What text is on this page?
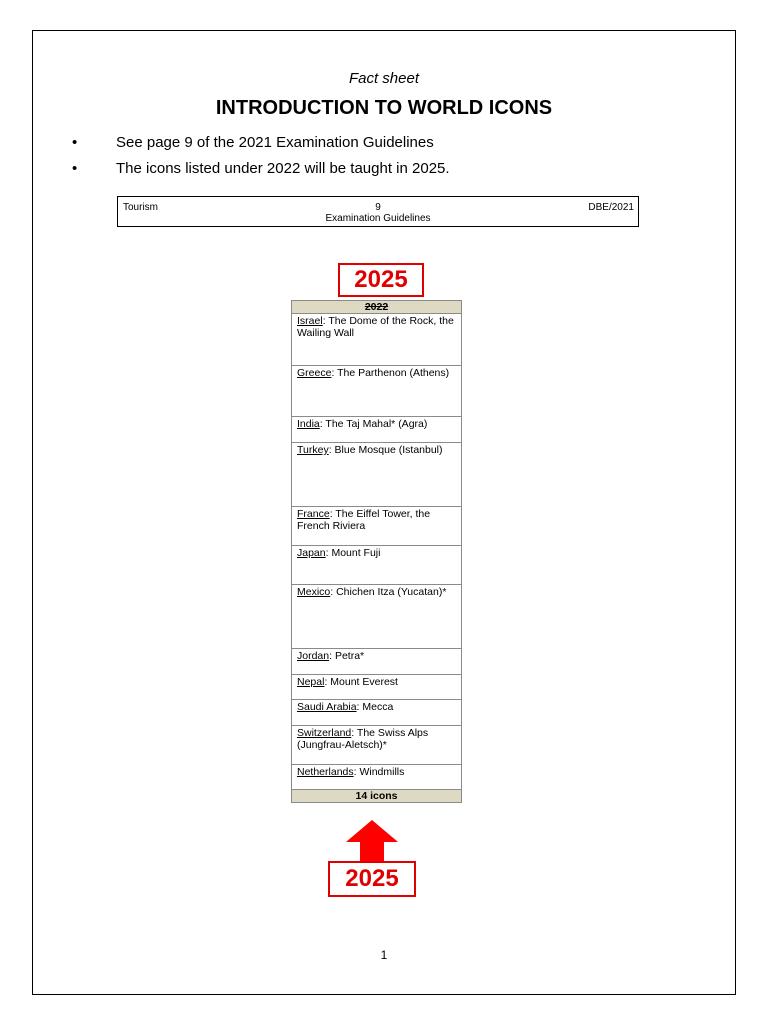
Fact sheet
INTRODUCTION TO WORLD ICONS
•	See page 9 of the 2021 Examination Guidelines
•	The icons listed under 2022 will be taught in 2025.
Tourism	9
Examination Guidelines
DBE/2021
2025
2022
Israel: The Dome of the Rock, the Wailing Wall
Greece: The Parthenon (Athens)
India: The Taj Mahal* (Agra)
Turkey: Blue Mosque (Istanbul)
France: The Eiffel Tower, the French Riviera
Japan: Mount Fuji
Mexico: Chichen Itza (Yucatan)*
Jordan: Petra*
Nepal: Mount Everest
Saudi Arabia: Mecca
Switzerland: The Swiss Alps (Jungfrau-Aletsch)*
Netherlands: Windmills
14 icons
2025
1
